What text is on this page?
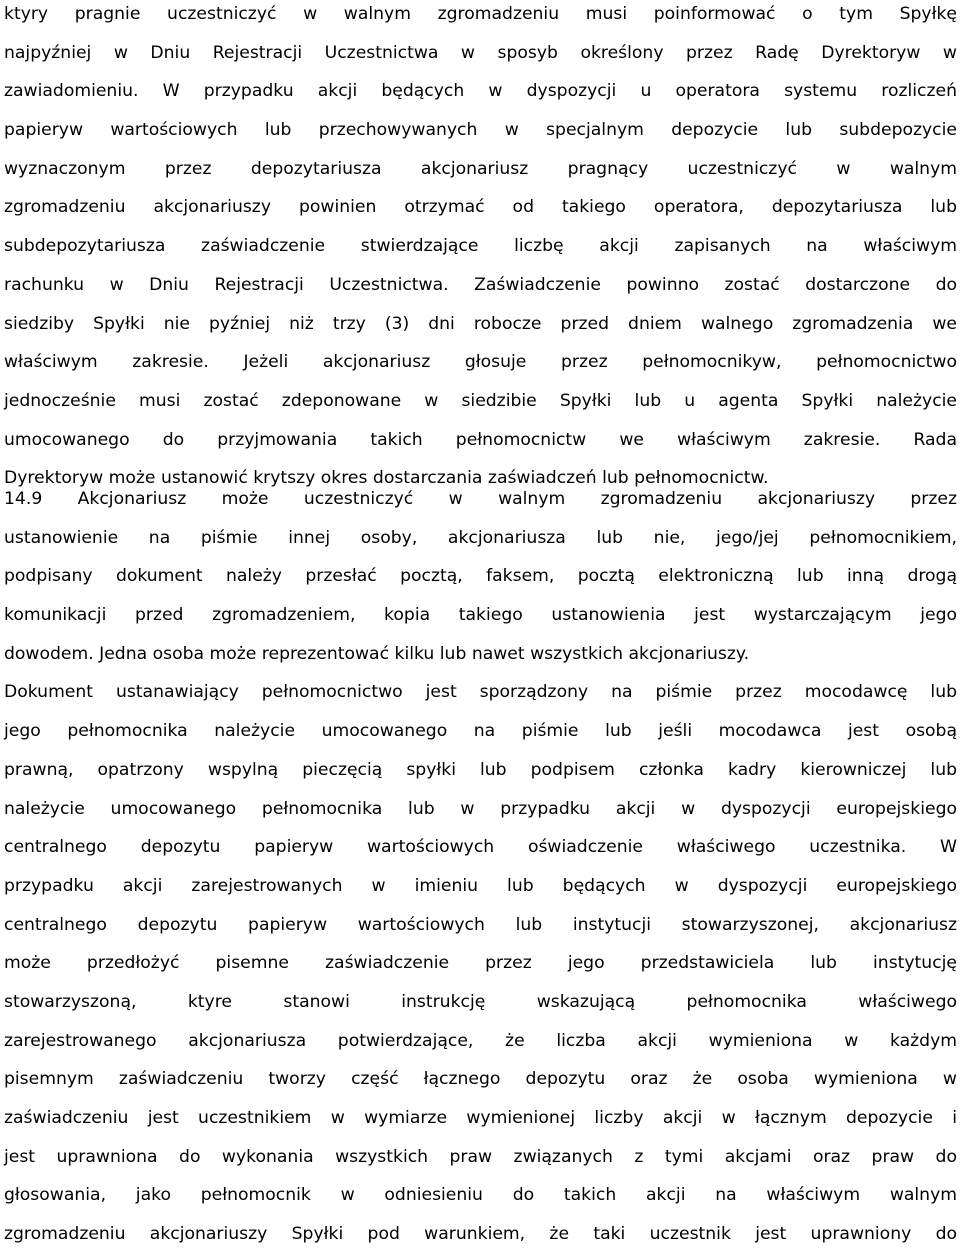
ktyry pragnie uczestniczyć w walnym zgromadzeniu musi poinformować o tym Spyłkę
najpyźniej w Dniu Rejestracji Uczestnictwa w sposyb określony przez Radę Dyrektoryw w
zawiadomieniu. W przypadku akcji będących w dyspozycji u operatora systemu rozliczeń
papieryw wartościowych lub przechowywanych w specjalnym depozycie lub subdepozycie
wyznaczonym przez depozytariusza akcjonariusz pragnący uczestniczyć w walnym
zgromadzeniu akcjonariuszy powinien otrzymać od takiego operatora, depozytariusza lub
subdepozytariusza zaświadczenie stwierdzające liczbę akcji zapisanych na właściwym
rachunku w Dniu Rejestracji Uczestnictwa. Zaświadczenie powinno zostać dostarczone do
siedziby Spyłki nie pyźniej niż trzy (3) dni robocze przed dniem walnego zgromadzenia we
właściwym zakresie. Jeżeli akcjonariusz głosuje przez pełnomocnikyw, pełnomocnictwo
jednocześnie musi zostać zdeponowane w siedzibie Spyłki lub u agenta Spyłki należycie
umocowanego do przyjmowania takich pełnomocnictw we właściwym zakresie. Rada
Dyrektoryw może ustanowić krytszy okres dostarczania zaświadczeń lub pełnomocnictw.
14.9 Akcjonariusz może uczestniczyć w walnym zgromadzeniu akcjonariuszy przez
ustanowienie na piśmie innej osoby, akcjonariusza lub nie, jego/jej pełnomocnikiem,
podpisany dokument należy przesłać pocztą, faksem, pocztą elektroniczną lub inną drogą
komunikacji przed zgromadzeniem, kopia takiego ustanowienia jest wystarczającym jego
dowodem. Jedna osoba może reprezentować kilku lub nawet wszystkich akcjonariuszy.
Dokument ustanawiający pełnomocnictwo jest sporządzony na piśmie przez mocodawcę lub
jego pełnomocnika należycie umocowanego na piśmie lub jeśli mocodawca jest osobą
prawną, opatrzony wspylną pieczęcią spyłki lub podpisem członka kadry kierowniczej lub
należycie umocowanego pełnomocnika lub w przypadku akcji w dyspozycji europejskiego
centralnego depozytu papieryw wartościowych oświadczenie właściwego uczestnika. W
przypadku akcji zarejestrowanych w imieniu lub będących w dyspozycji europejskiego
centralnego depozytu papieryw wartościowych lub instytucji stowarzyszonej, akcjonariusz
może przedłożyć pisemne zaświadczenie przez jego przedstawiciela lub instytucję
stowarzyszoną, ktyre stanowi instrukcję wskazującą pełnomocnika właściwego
zarejestrowanego akcjonariusza potwierdzające, że liczba akcji wymieniona w każdym
pisemnym zaświadczeniu tworzy część łącznego depozytu oraz że osoba wymieniona w
zaświadczeniu jest uczestnikiem w wymiarze wymienionej liczby akcji w łącznym depozycie i
jest uprawniona do wykonania wszystkich praw związanych z tymi akcjami oraz praw do
głosowania, jako pełnomocnik w odniesieniu do takich akcji na właściwym walnym
zgromadzeniu akcjonariuszy Spyłki pod warunkiem, że taki uczestnik jest uprawniony do
